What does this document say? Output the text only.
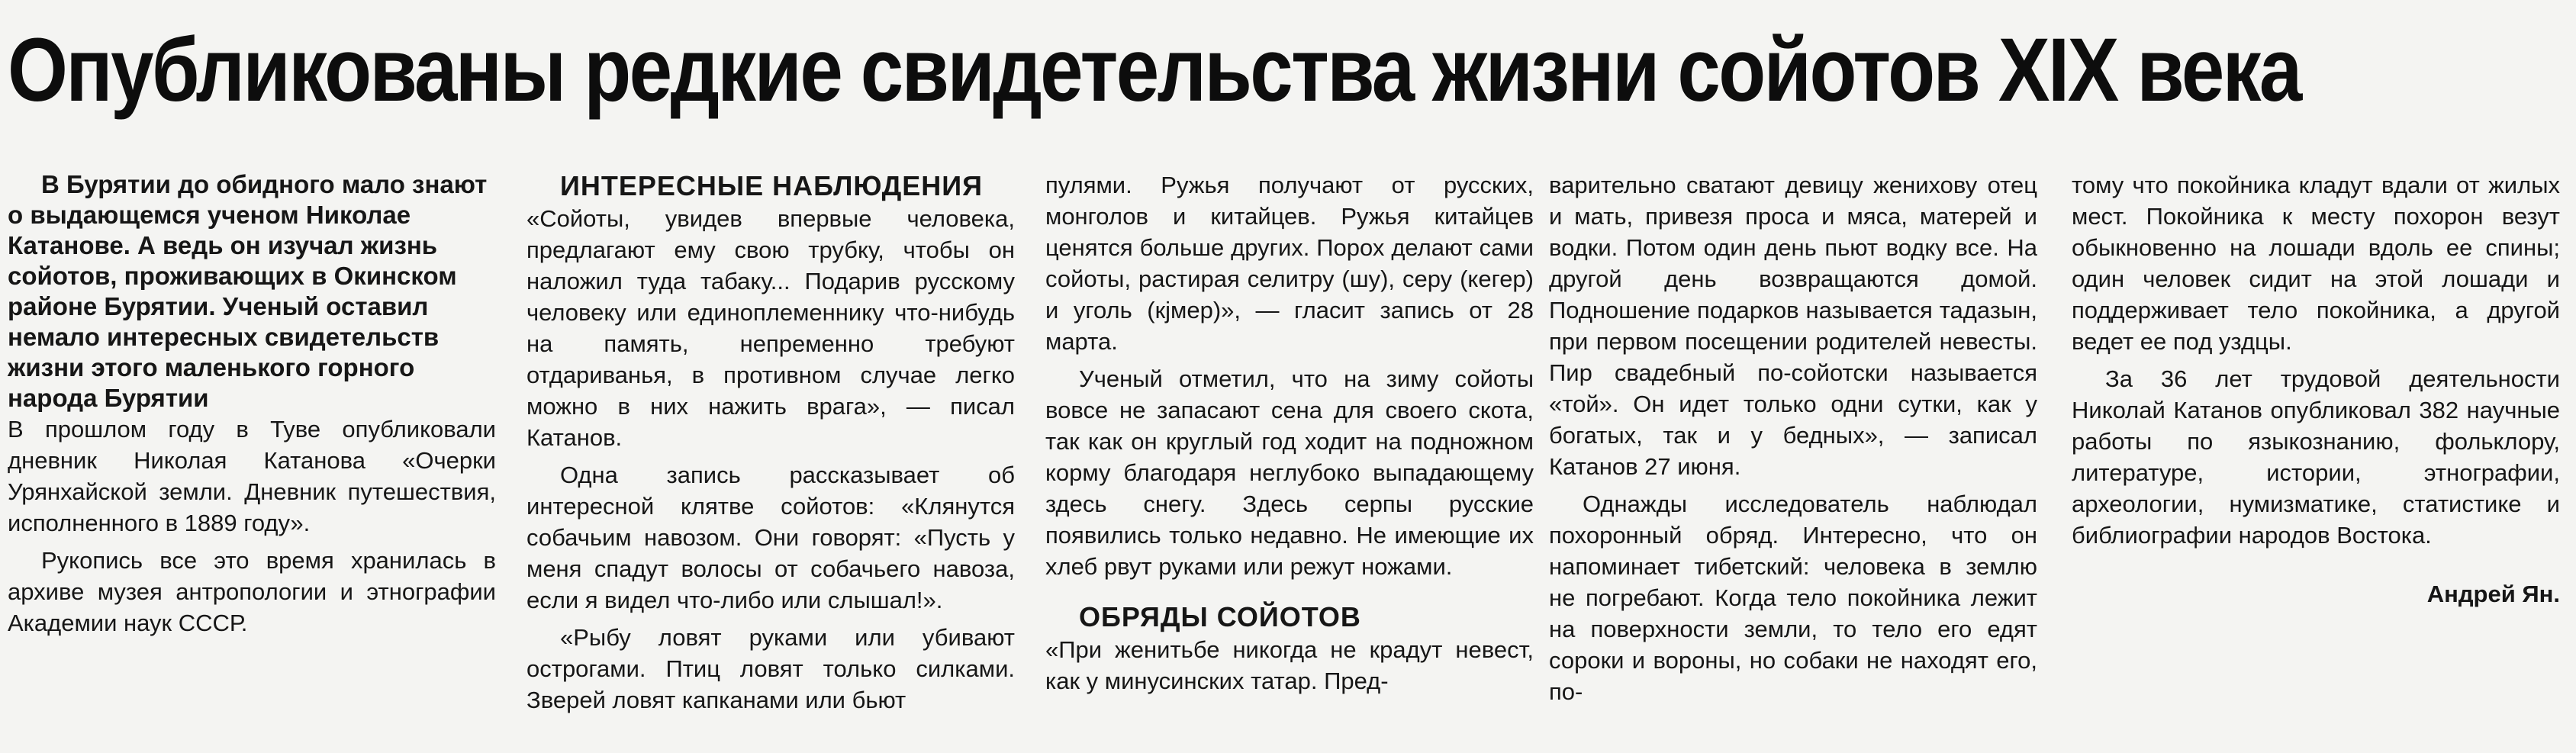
Опубликованы редкие свидетельства жизни сойотов XIX века

В Бурятии до обидного мало знают о выдающемся ученом Николае Катанове. А ведь он изучал жизнь сойотов, проживающих в Окинском районе Бурятии. Ученый оставил немало интересных свидетельств жизни этого маленького горного народа Бурятии

В прошлом году в Туве опубликовали дневник Николая Катанова «Очерки Урянхайской земли. Дневник путешествия, исполненного в 1889 году».

Рукопись все это время хранилась в архиве музея антропологии и этнографии Академии наук СССР.

ИНТЕРЕСНЫЕ НАБЛЮДЕНИЯ

«Сойоты, увидев впервые человека, предлагают ему свою трубку, чтобы он наложил туда табаку... Подарив русскому человеку или единоплеменнику что-нибудь на память, непременно требуют отдариванья, в противном случае легко можно в них нажить врага», — писал Катанов.

Одна запись рассказывает об интересной клятве сойотов: «Клянутся собачьим навозом. Они говорят: «Пусть у меня спадут волосы от собачьего навоза, если я видел что-либо или слышал!».

«Рыбу ловят руками или убивают острогами. Птиц ловят только силками. Зверей ловят капканами или бьют

пулями. Ружья получают от русских, монголов и китайцев. Ружья китайцев ценятся больше других. Порох делают сами сойоты, растирая селитру (шу), серу (кегер) и уголь (кјмер)», — гласит запись от 28 марта.

Ученый отметил, что на зиму сойоты вовсе не запасают сена для своего скота, так как он круглый год ходит на подножном корму благодаря неглубоко выпадающему здесь снегу. Здесь серпы русские появились только недавно. Не имеющие их хлеб рвут руками или режут ножами.

ОБРЯДЫ СОЙОТОВ

«При женитьбе никогда не крадут невест, как у минусинских татар. Пред-

варительно сватают девицу женихову отец и мать, привезя проса и мяса, матерей и водки. Потом один день пьют водку все. На другой день возвращаются домой. Подношение подарков называется тадазын, при первом посещении родителей невесты. Пир свадебный по-сойотски называется «той». Он идет только одни сутки, как у богатых, так и у бедных», — записал Катанов 27 июня.

Однажды исследователь наблюдал похоронный обряд. Интересно, что он напоминает тибетский: человека в землю не погребают. Когда тело покойника лежит на поверхности земли, то тело его едят сороки и вороны, но собаки не находят его, по-

тому что покойника кладут вдали от жилых мест. Покойника к месту похорон везут обыкновенно на лошади вдоль ее спины; один человек сидит на этой лошади и поддерживает тело покойника, а другой ведет ее под уздцы.

За 36 лет трудовой деятельности Николай Катанов опубликовал 382 научные работы по языкознанию, фольклору, литературе, истории, этнографии, археологии, нумизматике, статистике и библиографии народов Востока.

Андрей Ян.
